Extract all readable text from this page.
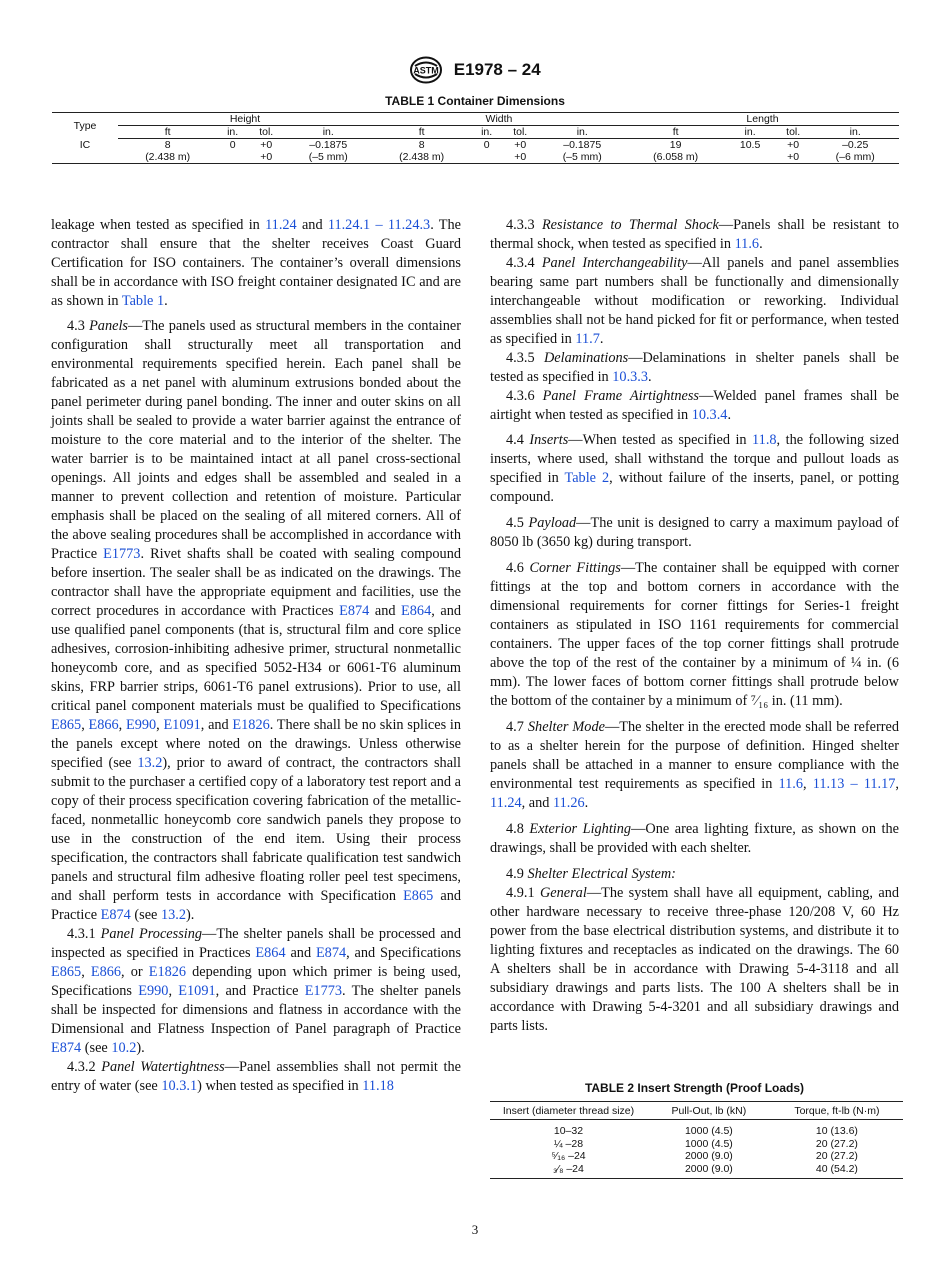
ASTM E1978 – 24
TABLE 1 Container Dimensions
Type	Height				Width				Length			
	ft	in.	tol.	in.	ft	in.	tol.	in.	ft	in.	tol.	in.
IC	8	0	+0	–0.1875	8	0	+0	–0.1875	19	10.5	+0	–0.25
	(2.438 m)		+0	(–5 mm)	(2.438 m)		+0	(–5 mm)	(6.058 m)		+0	(–6 mm)

leakage when tested as specified in 11.24 and 11.24.1 – 11.24.3. The contractor shall ensure that the shelter receives Coast Guard Certification for ISO containers. The container’s overall dimensions shall be in accordance with ISO freight container designated IC and are as shown in Table 1.

4.3 Panels—The panels used as structural members in the container configuration shall structurally meet all transportation and environmental requirements specified herein. Each panel shall be fabricated as a net panel with aluminum extrusions bonded about the panel perimeter during panel bonding. The inner and outer skins on all joints shall be sealed to provide a water barrier against the entrance of moisture to the core material and to the interior of the shelter. The water barrier is to be maintained intact at all panel cross-sectional openings. All joints and edges shall be assembled and sealed in a manner to prevent collection and retention of moisture. Particular emphasis shall be placed on the sealing of all mitered corners. All of the above sealing procedures shall be accomplished in accordance with Practice E1773. Rivet shafts shall be coated with sealing compound before insertion. The sealer shall be as indicated on the drawings. The contractor shall have the appropriate equipment and facilities, use the correct procedures in accordance with Practices E874 and E864, and use qualified panel components (that is, structural film and core splice adhesives, corrosion-inhibiting adhesive primer, structural nonmetallic honeycomb core, and as specified 5052-H34 or 6061-T6 aluminum skins, FRP barrier strips, 6061-T6 panel extrusions). Prior to use, all critical panel component materials must be qualified to Specifications E865, E866, E990, E1091, and E1826. There shall be no skin splices in the panels except where noted on the drawings. Unless otherwise specified (see 13.2), prior to award of contract, the contractors shall submit to the purchaser a certified copy of a laboratory test report and a copy of their process specification covering fabrication of the metallic-faced, nonmetallic honeycomb core sandwich panels they propose to use in the construction of the end item. Using their process specification, the contractors shall fabricate qualification test sandwich panels and structural film adhesive floating roller peel test specimens, and shall perform tests in accordance with Specification E865 and Practice E874 (see 13.2).

4.3.1 Panel Processing—The shelter panels shall be processed and inspected as specified in Practices E864 and E874, and Specifications E865, E866, or E1826 depending upon which primer is being used, Specifications E990, E1091, and Practice E1773. The shelter panels shall be inspected for dimensions and flatness in accordance with the Dimensional and Flatness Inspection of Panel paragraph of Practice E874 (see 10.2).

4.3.2 Panel Watertightness—Panel assemblies shall not permit the entry of water (see 10.3.1) when tested as specified in 11.18

4.3.3 Resistance to Thermal Shock—Panels shall be resistant to thermal shock, when tested as specified in 11.6.

4.3.4 Panel Interchangeability—All panels and panel assemblies bearing same part numbers shall be functionally and dimensionally interchangeable without modification or reworking. Individual assemblies shall not be hand picked for fit or performance, when tested as specified in 11.7.

4.3.5 Delaminations—Delaminations in shelter panels shall be tested as specified in 10.3.3.

4.3.6 Panel Frame Airtightness—Welded panel frames shall be airtight when tested as specified in 10.3.4.

4.4 Inserts—When tested as specified in 11.8, the following sized inserts, where used, shall withstand the torque and pullout loads as specified in Table 2, without failure of the inserts, panel, or potting compound.

4.5 Payload—The unit is designed to carry a maximum payload of 8050 lb (3650 kg) during transport.

4.6 Corner Fittings—The container shall be equipped with corner fittings at the top and bottom corners in accordance with the dimensional requirements for corner fittings for Series-1 freight containers as stipulated in ISO 1161 requirements for commercial containers. The upper faces of the top corner fittings shall protrude above the top of the rest of the container by a minimum of ¼ in. (6 mm). The lower faces of bottom corner fittings shall protrude below the bottom of the container by a minimum of ⁷⁄₁₆ in. (11 mm).

4.7 Shelter Mode—The shelter in the erected mode shall be referred to as a shelter herein for the purpose of definition. Hinged shelter panels shall be attached in a manner to ensure compliance with the environmental test requirements as specified in 11.6, 11.13 – 11.17, 11.24, and 11.26.

4.8 Exterior Lighting—One area lighting fixture, as shown on the drawings, shall be provided with each shelter.

4.9 Shelter Electrical System:

4.9.1 General—The system shall have all equipment, cabling, and other hardware necessary to receive three-phase 120/208 V, 60 Hz power from the base electrical distribution systems, and distribute it to lighting fixtures and receptacles as indicated on the drawings. The 60 A shelters shall be in accordance with Drawing 5-4-3118 and all subsidiary drawings and parts lists. The 100 A shelters shall be in accordance with Drawing 5-4-3201 and all subsidiary drawings and parts lists.

TABLE 2 Insert Strength (Proof Loads)
Insert (diameter thread size)	Pull-Out, lb (kN)	Torque, ft-lb (N·m)
10–32	1000 (4.5)	10 (13.6)
¼ –28	1000 (4.5)	20 (27.2)
⁵⁄₁₆ –24	2000 (9.0)	20 (27.2)
₃⁄₈ –24	2000 (9.0)	40 (54.2)
3
